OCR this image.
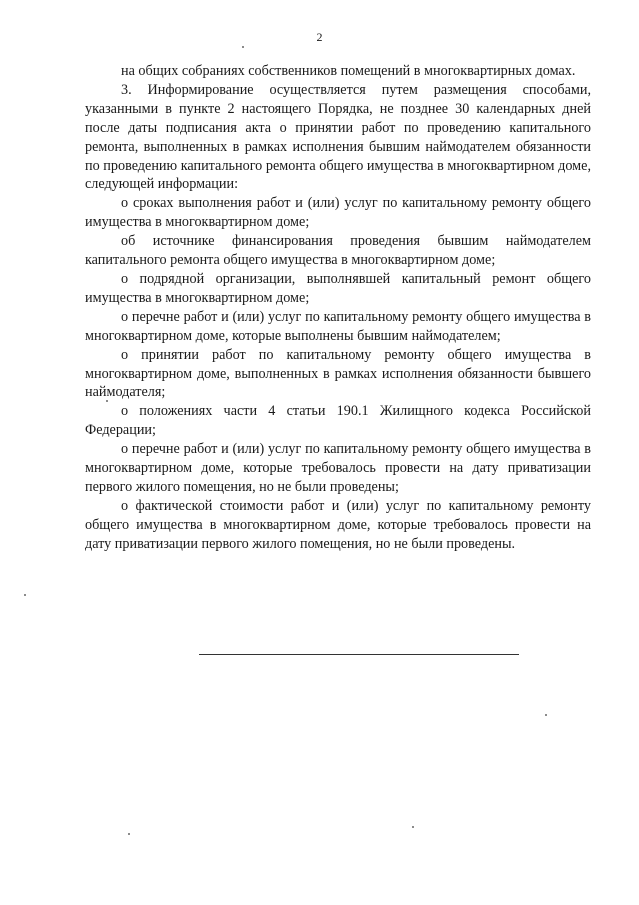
2

на общих собраниях собственников помещений в многоквартирных домах.

3. Информирование осуществляется путем размещения способами, указанными в пункте 2 настоящего Порядка, не позднее 30 календарных дней после даты подписания акта о принятии работ по проведению капитального ремонта, выполненных в рамках исполнения бывшим наймодателем обязанности по проведению капитального ремонта общего имущества в многоквартирном доме, следующей информации:

о сроках выполнения работ и (или) услуг по капитальному ремонту общего имущества в многоквартирном доме;

об источнике финансирования проведения бывшим наймодателем капитального ремонта общего имущества в многоквартирном доме;

о подрядной организации, выполнявшей капитальный ремонт общего имущества в многоквартирном доме;

о перечне работ и (или) услуг по капитальному ремонту общего имущества в многоквартирном доме, которые выполнены бывшим наймодателем;

о принятии работ по капитальному ремонту общего имущества в многоквартирном доме, выполненных в рамках исполнения обязанности бывшего наймодателя;

о положениях части 4 статьи 190.1 Жилищного кодекса Российской Федерации;

о перечне работ и (или) услуг по капитальному ремонту общего имущества в многоквартирном доме, которые требовалось провести на дату приватизации первого жилого помещения, но не были проведены;

о фактической стоимости работ и (или) услуг по капитальному ремонту общего имущества в многоквартирном доме, которые требовалось провести на дату приватизации первого жилого помещения, но не были проведены.
